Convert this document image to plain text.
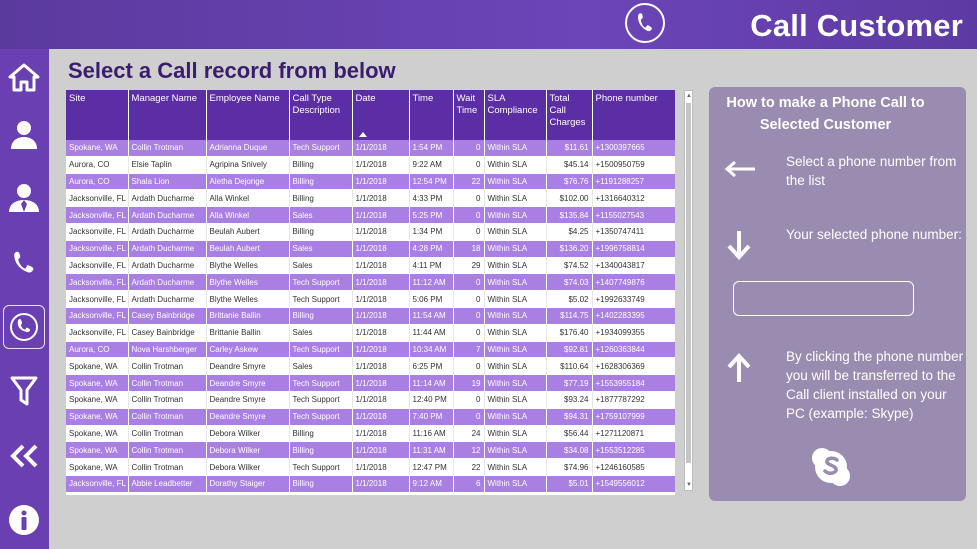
Call Customer
Select a Call record from below
Site	Manager Name	Employee Name	Call Type Description	Date	Time	Wait Time	SLA Compliance	Total Call Charges	Phone number
Spokane, WA	Collin Trotman	Adrianna Duque	Tech Support	1/1/2018	1:54 PM	0	Within SLA	$11.61	+1300397665
Aurora, CO	Elsie Taplin	Agripina Snively	Billing	1/1/2018	9:22 AM	0	Within SLA	$45.14	+1500950759
Aurora, CO	Shala Lion	Aletha Dejonge	Billing	1/1/2018	12:54 PM	22	Within SLA	$76.76	+1191288257
Jacksonville, FL	Ardath Ducharme	Alla Winkel	Billing	1/1/2018	4:33 PM	0	Within SLA	$102.00	+1316640312
Jacksonville, FL	Ardath Ducharme	Alla Winkel	Sales	1/1/2018	5:25 PM	0	Within SLA	$135.84	+1155027543
Jacksonville, FL	Ardath Ducharme	Beulah Aubert	Billing	1/1/2018	1:34 PM	0	Within SLA	$4.25	+1350747411
Jacksonville, FL	Ardath Ducharme	Beulah Aubert	Sales	1/1/2018	4:28 PM	18	Within SLA	$136.20	+1996758814
Jacksonville, FL	Ardath Ducharme	Blythe Welles	Sales	1/1/2018	4:11 PM	29	Within SLA	$74.52	+1340043817
Jacksonville, FL	Ardath Ducharme	Blythe Welles	Tech Support	1/1/2018	11:12 AM	0	Within SLA	$74.03	+1407749876
Jacksonville, FL	Ardath Ducharme	Blythe Welles	Tech Support	1/1/2018	5:06 PM	0	Within SLA	$5.02	+1992633749
Jacksonville, FL	Casey Bainbridge	Brittanie Ballin	Billing	1/1/2018	11:54 AM	0	Within SLA	$114.75	+1402283395
Jacksonville, FL	Casey Bainbridge	Brittanie Ballin	Sales	1/1/2018	11:44 AM	0	Within SLA	$176.40	+1934099355
Aurora, CO	Nova Harshberger	Carley Askew	Tech Support	1/1/2018	10:34 AM	7	Within SLA	$92.81	+1260363844
Spokane, WA	Collin Trotman	Deandre Smyre	Sales	1/1/2018	6:25 PM	0	Within SLA	$110.64	+1628306369
Spokane, WA	Collin Trotman	Deandre Smyre	Tech Support	1/1/2018	11:14 AM	19	Within SLA	$77.19	+1553955184
Spokane, WA	Collin Trotman	Deandre Smyre	Tech Support	1/1/2018	12:40 PM	0	Within SLA	$93.24	+1877787292
Spokane, WA	Collin Trotman	Deandre Smyre	Tech Support	1/1/2018	7:40 PM	0	Within SLA	$94.31	+1759107999
Spokane, WA	Collin Trotman	Debora Wilker	Billing	1/1/2018	11:16 AM	24	Within SLA	$56.44	+1271120871
Spokane, WA	Collin Trotman	Debora Wilker	Billing	1/1/2018	11:31 AM	12	Within SLA	$34.08	+1553512285
Spokane, WA	Collin Trotman	Debora Wilker	Tech Support	1/1/2018	12:47 PM	22	Within SLA	$74.96	+1246160585
Jacksonville, FL	Abbie Leadbetter	Dorathy Staiger	Billing	1/1/2018	9:12 AM	6	Within SLA	$5.01	+1549556012
▲
▼
How to make a Phone Call to Selected Customer
Select a phone number from the list
Your selected phone number:
By clicking the phone number you will be transferred to the Call client installed on your PC (example: Skype)
